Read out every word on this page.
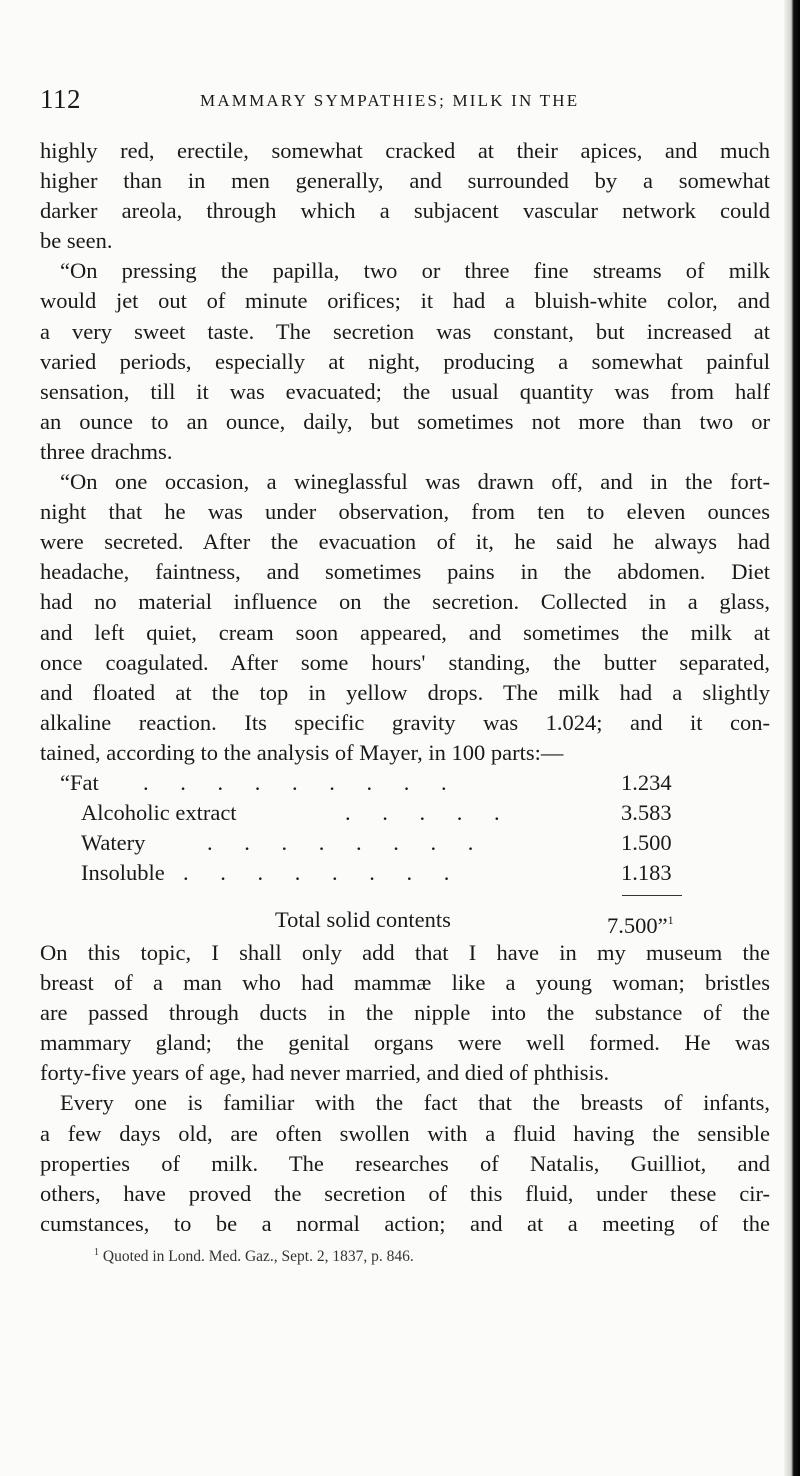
112	MAMMARY SYMPATHIES; MILK IN THE
highly red, erectile, somewhat cracked at their apices, and much
higher than in men generally, and surrounded by a somewhat
darker areola, through which a subjacent vascular network could
be seen.
“On pressing the papilla, two or three fine streams of milk
would jet out of minute orifices; it had a bluish-white color, and
a very sweet taste. The secretion was constant, but increased at
varied periods, especially at night, producing a somewhat painful
sensation, till it was evacuated; the usual quantity was from half
an ounce to an ounce, daily, but sometimes not more than two or
three drachms.
“On one occasion, a wineglassful was drawn off, and in the fort-
night that he was under observation, from ten to eleven ounces
were secreted. After the evacuation of it, he said he always had
headache, faintness, and sometimes pains in the abdomen. Diet
had no material influence on the secretion. Collected in a glass,
and left quiet, cream soon appeared, and sometimes the milk at
once coagulated. After some hours' standing, the butter separated,
and floated at the top in yellow drops. The milk had a slightly
alkaline reaction. Its specific gravity was 1.024; and it con-
tained, according to the analysis of Mayer, in 100 parts:—
“Fat . . . . . . . . .	1.234
Alcoholic extract	. . . . .	3.583
Watery	. . . . . . . .	1.500
Insoluble . . . . . . . .	1.183
Total solid contents	7.500”$^1$
On this topic, I shall only add that I have in my museum the
breast of a man who had mammæ like a young woman; bristles
are passed through ducts in the nipple into the substance of the
mammary gland; the genital organs were well formed. He was
forty-five years of age, had never married, and died of phthisis.
Every one is familiar with the fact that the breasts of infants,
a few days old, are often swollen with a fluid having the sensible
properties of milk. The researches of Natalis, Guilliot, and
others, have proved the secretion of this fluid, under these cir-
cumstances, to be a normal action; and at a meeting of the
$^1$ Quoted in Lond. Med. Gaz., Sept. 2, 1837, p. 846.
